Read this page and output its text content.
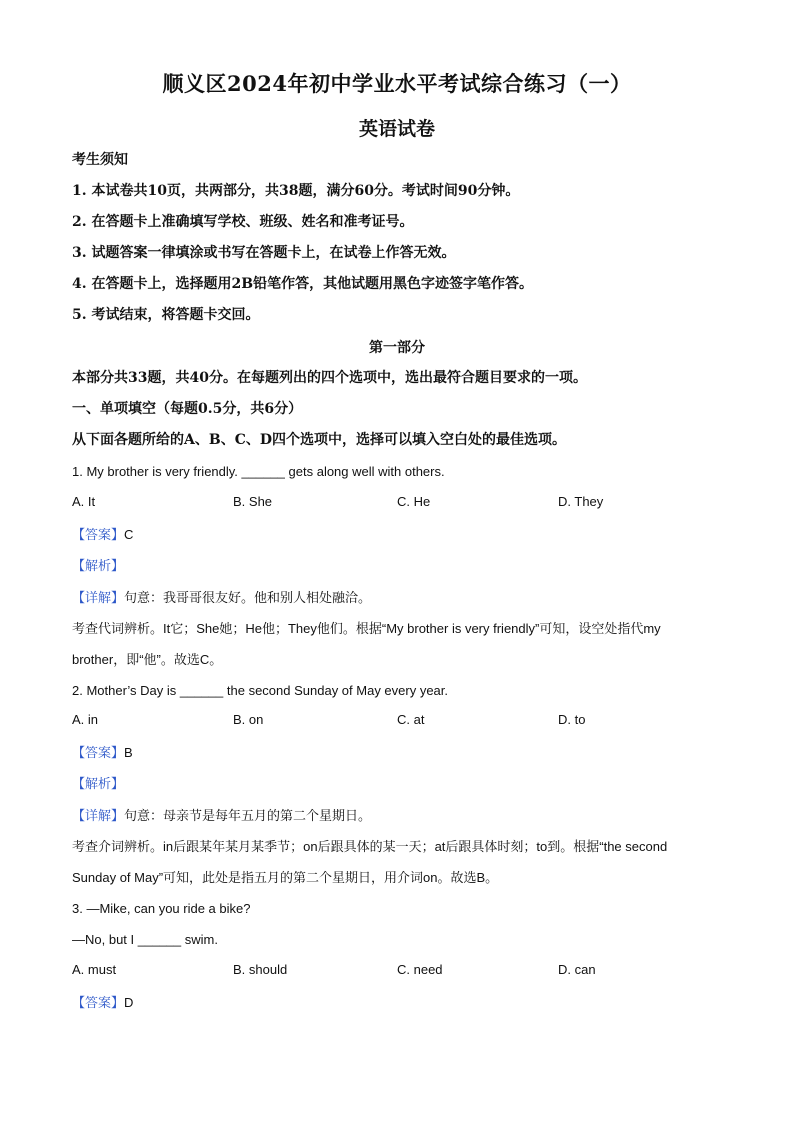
顺义区2024年初中学业水平考试综合练习（一）
英语试卷
考生须知
1. 本试卷共10页，共两部分，共38题，满分60分。考试时间90分钟。
2. 在答题卡上准确填写学校、班级、姓名和准考证号。
3. 试题答案一律填涂或书写在答题卡上，在试卷上作答无效。
4. 在答题卡上，选择题用2B铅笔作答，其他试题用黑色字迹签字笔作答。
5. 考试结束，将答题卡交回。
第一部分
本部分共33题，共40分。在每题列出的四个选项中，选出最符合题目要求的一项。
一、单项填空（每题0.5分，共6分）
从下面各题所给的A、B、C、D四个选项中，选择可以填入空白处的最佳选项。
1. My brother is very friendly. ______ gets along well with others.
A. It	B. She	C. He	D. They
【答案】C
【解析】
【详解】句意：我哥哥很友好。他和别人相处融洽。
考查代词辨析。It它；She她；He他；They他们。根据“My brother is very friendly”可知，设空处指代my
brother，即“他”。故选C。
2. Mother’s Day is ______ the second Sunday of May every year.
A. in	B. on	C. at	D. to
【答案】B
【解析】
【详解】句意：母亲节是每年五月的第二个星期日。
考查介词辨析。in后跟某年某月某季节；on后跟具体的某一天；at后跟具体时刻；to到。根据“the second
Sunday of May”可知，此处是指五月的第二个星期日，用介词on。故选B。
3. —Mike, can you ride a bike?
—No, but I ______ swim.
A. must	B. should	C. need	D. can
【答案】D
